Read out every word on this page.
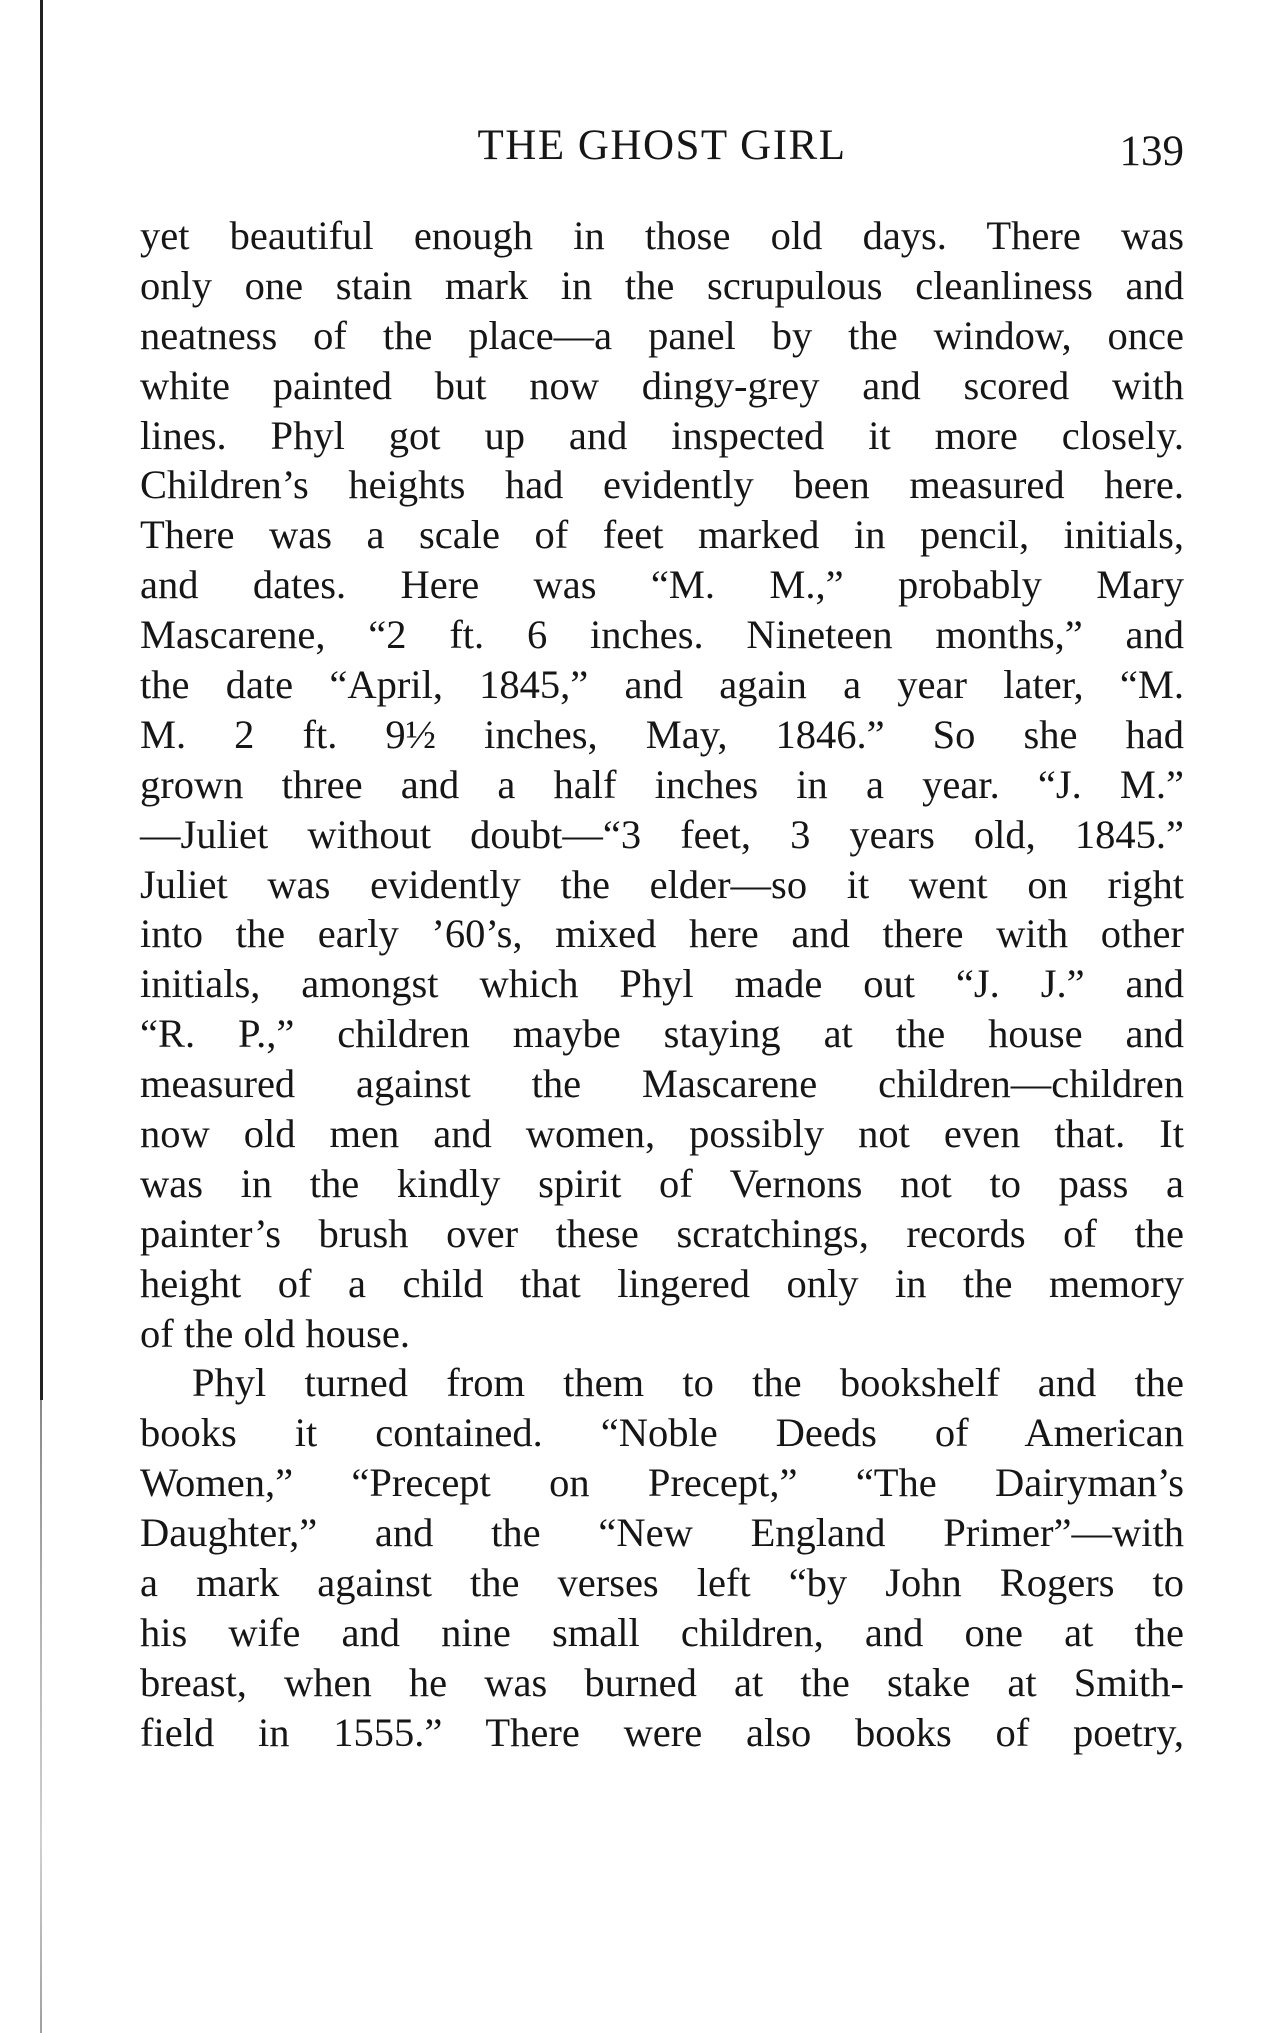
THE GHOST GIRL	139
yet beautiful enough in those old days. There was
only one stain mark in the scrupulous cleanliness and
neatness of the place—a panel by the window, once
white painted but now dingy-grey and scored with
lines. Phyl got up and inspected it more closely.
Children’s heights had evidently been measured here.
There was a scale of feet marked in pencil, initials,
and dates. Here was “M. M.,” probably Mary
Mascarene, “2 ft. 6 inches. Nineteen months,” and
the date “April, 1845,” and again a year later, “M.
M. 2 ft. 9½ inches, May, 1846.” So she had
grown three and a half inches in a year. “J. M.”
—Juliet without doubt—“3 feet, 3 years old, 1845.”
Juliet was evidently the elder—so it went on right
into the early ’60’s, mixed here and there with other
initials, amongst which Phyl made out “J. J.” and
“R. P.,” children maybe staying at the house and
measured against the Mascarene children—children
now old men and women, possibly not even that. It
was in the kindly spirit of Vernons not to pass a
painter’s brush over these scratchings, records of the
height of a child that lingered only in the memory
of the old house.
Phyl turned from them to the bookshelf and the
books it contained. “Noble Deeds of American
Women,” “Precept on Precept,” “The Dairyman’s
Daughter,” and the “New England Primer”—with
a mark against the verses left “by John Rogers to
his wife and nine small children, and one at the
breast, when he was burned at the stake at Smith-
field in 1555.” There were also books of poetry,
